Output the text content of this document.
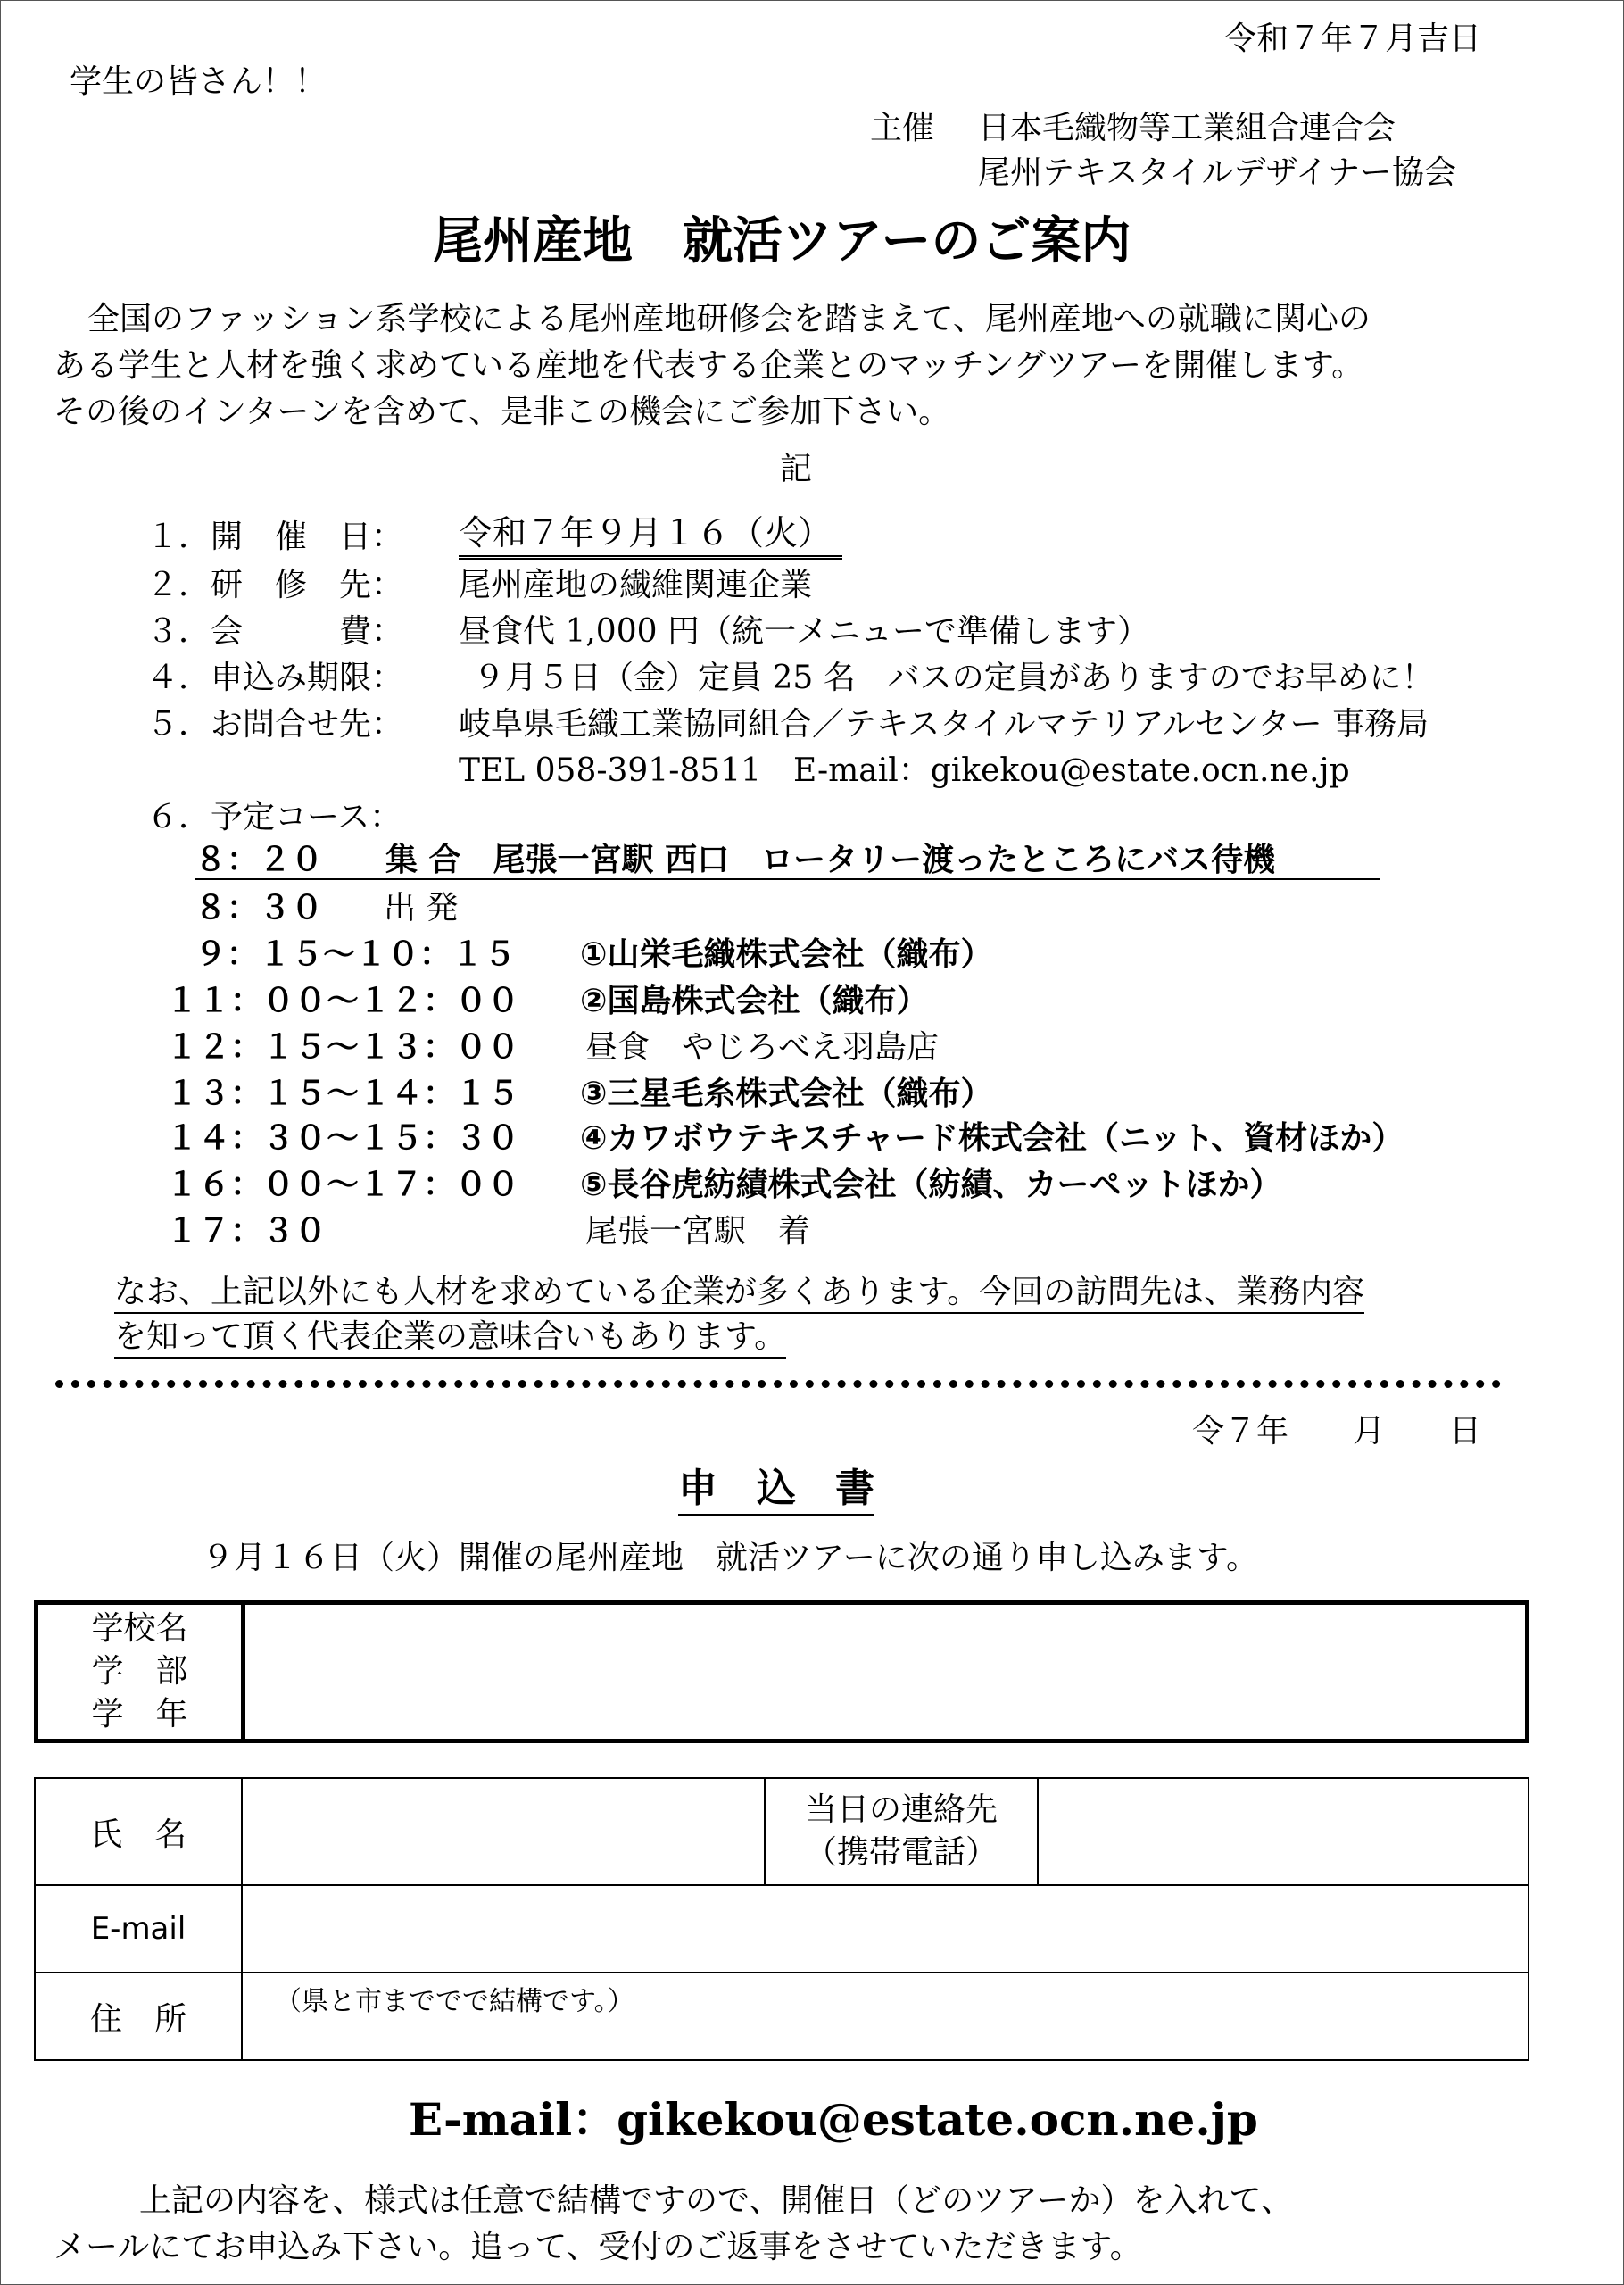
令和７年７月吉日
学生の皆さん！！
主催 日本毛織物等工業組合連合会
尾州テキスタイルデザイナー協会
尾州産地　就活ツアーのご案内
全国のファッション系学校による尾州産地研修会を踏まえて、尾州産地への就職に関心の
ある学生と人材を強く求めている産地を代表する企業とのマッチングツアーを開催します。
その後のインターンを含めて、是非この機会にご参加下さい。
記
１．開　催　日： 令和７年９月１６（火）
２．研　修　先： 尾州産地の繊維関連企業
３．会　　　費： 昼食代 1,000 円（統一メニューで準備します）
４．申込み期限： ９月５日（金）定員 25 名　バスの定員がありますのでお早めに！
５．お問合せ先： 岐阜県毛織工業協同組合／テキスタイルマテリアルセンター 事務局
TEL 058-391-8511　E-mail：gikekou@estate.ocn.ne.jp
６．予定コース：
８：２０ 集 合　尾張一宮駅 西口　ロータリー渡ったところにバス待機
８：３０ 出 発
９：１５～１０：１５ ①山栄毛織株式会社（織布）
１１：００～１２：００ ②国島株式会社（織布）
１２：１５～１３：００ 昼食　やじろべえ羽島店
１３：１５～１４：１５ ③三星毛糸株式会社（織布）
１４：３０～１５：３０ ④カワボウテキスチャード株式会社（ニット、資材ほか）
１６：００～１７：００ ⑤長谷虎紡績株式会社（紡績、カーペットほか）
１７：３０	尾張一宮駅　着
なお、上記以外にも人材を求めている企業が多くあります。今回の訪問先は、業務内容
を知って頂く代表企業の意味合いもあります。
令７年　　月　　日
申　込　書
９月１６日（火）開催の尾州産地　就活ツアーに次の通り申し込みます。
学校名
学　部
学　年

氏　名		当日の連絡先
（携帯電話）	

E-mail			
住　所	（県と市まででで結構です。）		
E-mail：gikekou@estate.ocn.ne.jp
上記の内容を、様式は任意で結構ですので、開催日（どのツアーか）を入れて、
メールにてお申込み下さい。追って、受付のご返事をさせていただきます。
